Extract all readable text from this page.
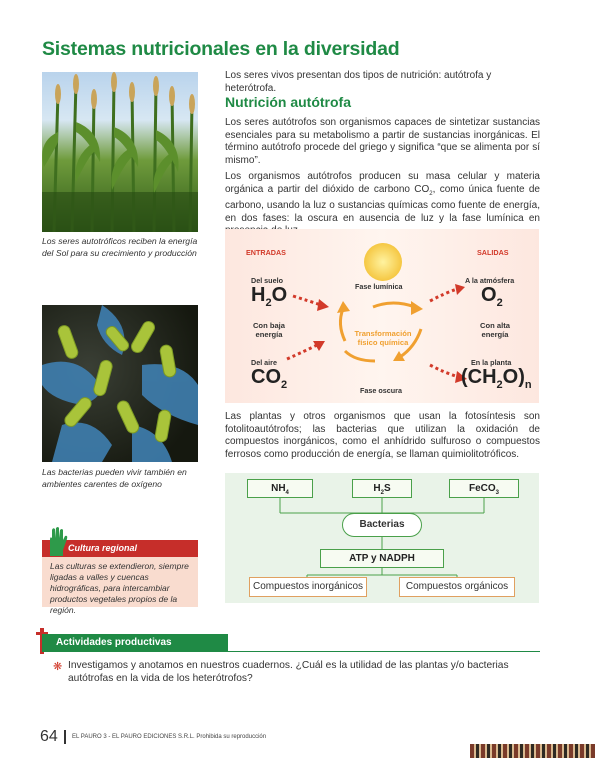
Sistemas nutricionales en la diversidad
Los seres autotróficos reciben la energía del Sol para su crecimiento y producción
Las bacterias pueden vivir también en ambientes carentes de oxígeno
Los seres vivos presentan dos tipos de nutrición: autótrofa y heterótrofa.
Nutrición autótrofa
Los seres autótrofos son organismos capaces de sintetizar sustancias esenciales para su metabolismo a partir de sustancias inorgánicas. El término autótrofo procede del griego y significa “que se alimenta por sí mismo”.
Los organismos autótrofos producen su masa celular y materia orgánica a partir del dióxido de carbono $CO_2$, como única fuente de carbono, usando la luz o sustancias químicas como fuente de energía, en dos fases: la oscura en ausencia de luz y la fase lumínica en
ENTRADAS	SALIDAS
Del suelo
$H_2O$	Fase lumínica
A la atmósfera
$O_2$
Con baja
energía	Transformación
físico química
Con alta
energía
Del aire
$CO_2$
En la planta
$(CH_2O)_n$
Fase oscura
Las plantas y otros organismos que usan la fotosíntesis son fotolitoautótrofos; las bacterias que utilizan la oxidación de compuestos inorgánicos, como el anhídrido sulfuroso o compuestos ferrosos como producción de energía, se llaman quimiolitotróficos.
$NH_4$	$H_2S$	FeCO$_3$
Bacterias
ATP y NADPH
Compuestos inorgánicos	Compuestos orgánicos
Cultura regional
Las culturas se extendieron, siempre ligadas a valles y cuencas hidrográficas, para intercambiar productos vegetales propios de la región.
Actividades productivas
❋ Investigamos y anotamos en nuestros cuadernos. ¿Cuál es la utilidad de las plantas y/o bacterias autótrofas en la vida de los heterótrofos?
64 EL PAURO 3 - EL PAURO EDICIONES S.R.L. Prohibida su reproducción
